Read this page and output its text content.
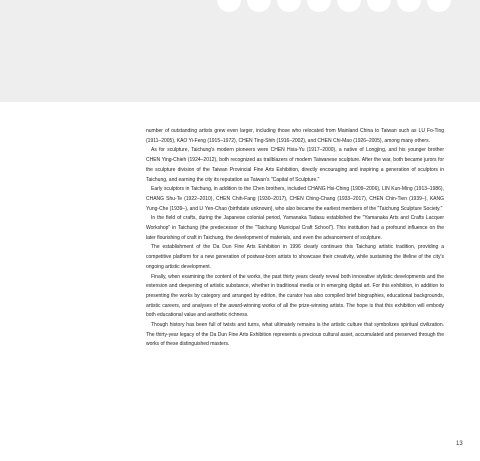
number of outstanding artists grew even larger, including those who relocated from Mainland China to Taiwan such as LU Fo-Ting (1911–2005), KAO Yi-Feng (1915–1972), CHEN Ting-Shih (1916–2002), and CHEN Chi-Mao (1926–2005), among many others.

As for sculpture, Taichung's modern pioneers were CHEN Hsia-Yu (1917–2000), a native of Longjing, and his younger brother CHEN Ying-Chieh (1924–2012), both recognized as trailblazers of modern Taiwanese sculpture. After the war, both became jurors for the sculpture division of the Taiwan Provincial Fine Arts Exhibition, directly encouraging and inspiring a generation of sculptors in Taichung, and earning the city its reputation as Taiwan's "Capital of Sculpture."

Early sculptors in Taichung, in addition to the Chen brothers, included CHANG Hsi-Ching (1909–2006), LIN Kun-Ming (1913–1986), CHANG Shu-Te (1922–2010), CHEN Chih-Fang (1930–2017), CHEN Ching-Chang (1933–2017), CHEN Chin-Tien (1939–), KANG Yung-Che (1939–), and LI Yen-Chao (birthdate unknown), who also became the earliest members of the "Taichung Sculpture Society."

In the field of crafts, during the Japanese colonial period, Yamanaka Tadasu established the "Yamanaka Arts and Crafts Lacquer Workshop" in Taichung (the predecessor of the "Taichung Municipal Craft School"). This institution had a profound influence on the later flourishing of craft in Taichung, the development of materials, and even the advancement of sculpture.

The establishment of the Da Dun Fine Arts Exhibition in 1996 clearly continues this Taichung artistic tradition, providing a competitive platform for a new generation of postwar-born artists to showcase their creativity, while sustaining the lifeline of the city's ongoing artistic development.

Finally, when examining the content of the works, the past thirty years clearly reveal both innovative stylistic developments and the extension and deepening of artistic substance, whether in traditional media or in emerging digital art. For this exhibition, in addition to presenting the works by category and arranged by edition, the curator has also compiled brief biographies, educational backgrounds, artistic careers, and analyses of the award-winning works of all the prize-winning artists. The hope is that this exhibition will embody both educational value and aesthetic richness.

Though history has been full of twists and turns, what ultimately remains is the artistic culture that symbolizes spiritual civilization. The thirty-year legacy of the Da Dun Fine Arts Exhibition represents a precious cultural asset, accumulated and preserved through the works of these distinguished masters.

13
